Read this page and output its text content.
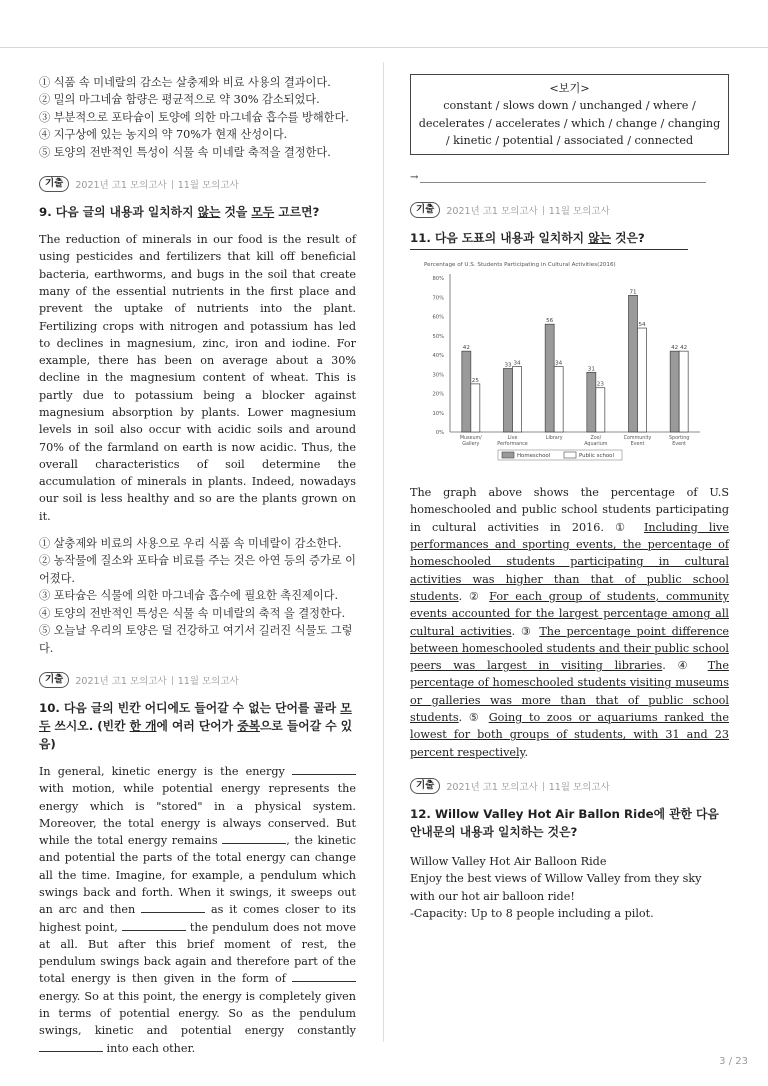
① 식품 속 미네랄의 감소는 살충제와 비료 사용의 결과이다.
② 밀의 마그네슘 함량은 평균적으로 약 30% 감소되었다.
③ 부분적으로 포타슘이 토양에 의한 마그네슘 흡수를 방해한다.
④ 지구상에 있는 농지의 약 70%가 현재 산성이다.
⑤ 토양의 전반적인 특성이 식물 속 미네랄 축적을 결정한다.
기출	2021년 고1 모의고사 11월 모의고사
9. 다음 글의 내용과 일치하지 않는 것을 모두 고르면?
The reduction of minerals in our food is the result of using pesticides and fertilizers that kill off beneficial bacteria, earthworms, and bugs in the soil that create many of the essential nutrients in the first place and prevent the uptake of nutrients into the plant. Fertilizing crops with nitrogen and potassium has led to declines in magnesium, zinc, iron and iodine. For example, there has been on average about a 30% decline in the magnesium content of wheat. This is partly due to potassium being a blocker against magnesium absorption by plants. Lower magnesium levels in soil also occur with acidic soils and around 70% of the farmland on earth is now acidic. Thus, the overall characteristics of soil determine the accumulation of minerals in plants. Indeed, nowadays our soil is less healthy and so are the plants grown on it.
① 살충제와 비료의 사용으로 우리 식품 속 미네랄이 감소한다.
② 농작물에 질소와 포타슘 비료를 주는 것은 아연 등의 증가로 이어졌다.
③ 포타슘은 식물에 의한 마그네슘 흡수에 필요한 촉진제이다.
④ 토양의 전반적인 특성은 식물 속 미네랄의 축적 을 결정한다.
⑤ 오늘날 우리의 토양은 덜 건강하고 여기서 길러진 식물도 그렇다.
기출	2021년 고1 모의고사 11월 모의고사
10. 다음 글의 빈칸 어디에도 들어갈 수 없는 단어를 골라 모두 쓰시오. (빈칸 한 개에 여러 단어가 중복으로 들어갈 수 있음)
In general, kinetic energy is the energy  with motion, while potential energy represents the energy which is "stored" in a physical system. Moreover, the total energy is always conserved. But while the total energy remains	, the kinetic and potential the parts of the total energy can change all the time. Imagine, for example, a pendulum which swings back and forth. When it swings, it sweeps out an arc and then	as it comes closer to its highest point,	the pendulum does not move at all. But after this brief moment of rest, the pendulum swings back again and therefore part of the total energy is then given in the form of  energy. So at this point, the energy is completely given in terms of potential energy. So as the pendulum swings, kinetic and potential energy constantly  into each other.
<보기>
constant / slows down / unchanged / where / decelerates / accelerates / which / change / changing / kinetic / potential / associated / connected
→
기출	2021년 고1 모의고사 11월 모의고사
11. 다음 도표의 내용과 일치하지 않는 것은?
Percentage of U.S. Students Participating in Cultural Activities(2016)
0%
10%
20%
30%
40%
50%
60%
70%
80%
42
25
Museum/
Gallery
33 34
Live
Performance
56
34
Library
31
23
Zoo/
Aquarium
71
54
Community
Event
42 42
Sporting
Event
Homeschool	Public school
The graph above shows the percentage of U.S homeschooled and public school students participating in cultural activities in 2016. ① Including live performances and sporting events, the percentage of homeschooled students participating in cultural activities was higher than that of public school students. ② For each group of students, community events accounted for the largest percentage among all cultural activities. ③ The percentage point difference between homeschooled students and their public school peers was largest in visiting libraries. ④ The percentage of homeschooled students visiting museums or galleries was more than that of public school students. ⑤ Going to zoos or aquariums ranked the lowest for both groups of students, with 31 and 23 percent respectively.
기출	2021년 고1 모의고사 11월 모의고사
12. Willow Valley Hot Air Ballon Ride에 관한 다음 안내문의 내용과 일치하는 것은?
Willow Valley Hot Air Balloon Ride
Enjoy the best views of Willow Valley from they sky with our hot air balloon ride!
-Capacity: Up to 8 people including a pilot.
3 / 23
